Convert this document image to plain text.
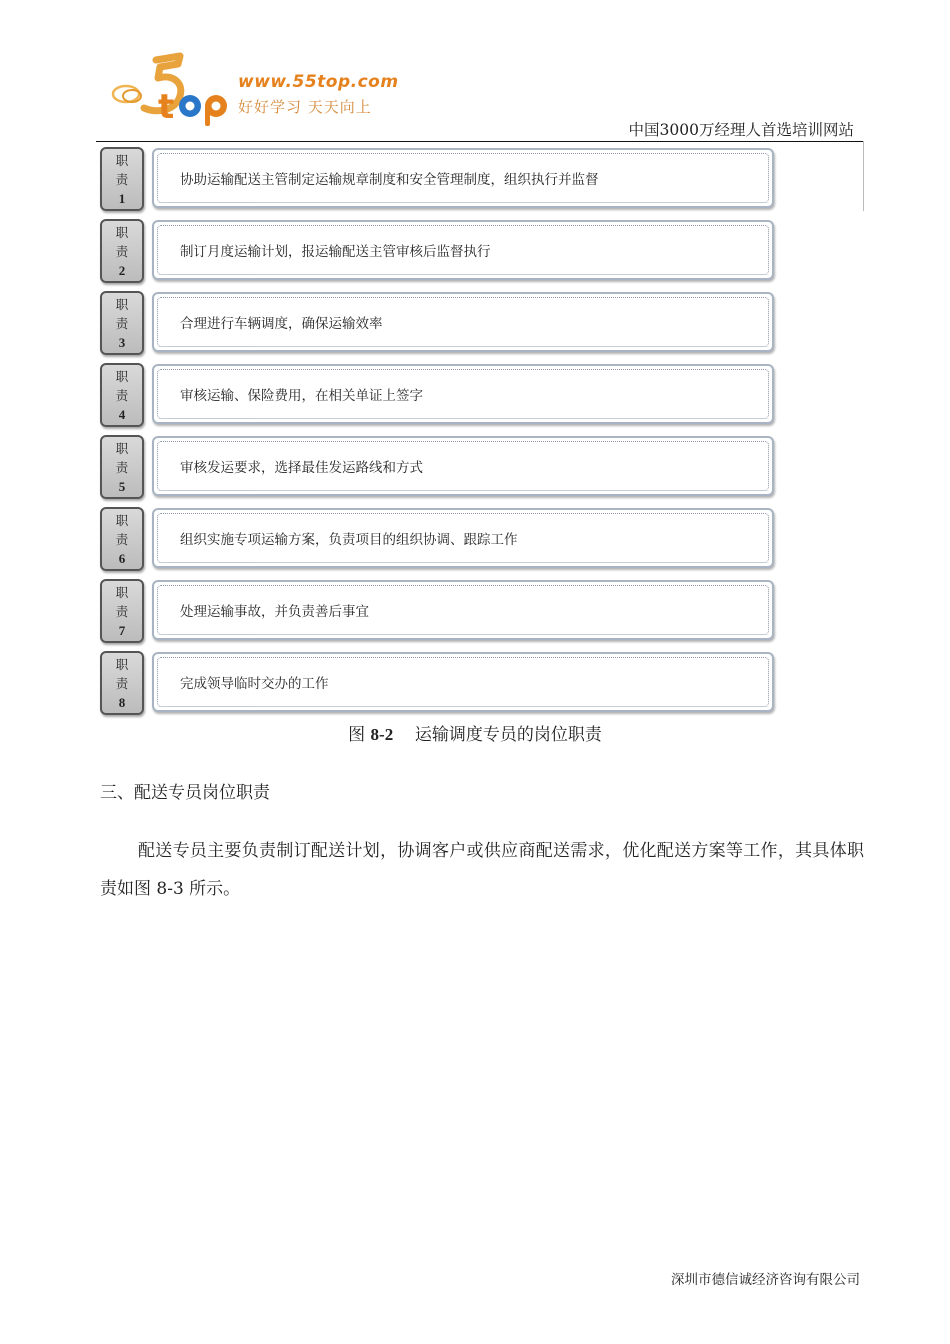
t
www.55top.com
好好学习 天天向上
中国3000万经理人首选培训网站
职
责
1
协助运输配送主管制定运输规章制度和安全管理制度，组织执行并监督
职
责
2
制订月度运输计划，报运输配送主管审核后监督执行
职
责
3
合理进行车辆调度，确保运输效率
职
责
4
审核运输、保险费用，在相关单证上签字
职
责
5
审核发运要求，选择最佳发运路线和方式
职
责
6
组织实施专项运输方案，负责项目的组织协调、跟踪工作
职
责
7
处理运输事故，并负责善后事宜
职
责
8
完成领导临时交办的工作
图 8-2 运输调度专员的岗位职责
三、配送专员岗位职责
配送专员主要负责制订配送计划，协调客户或供应商配送需求，优化配送方案等工作，其具体职责如图 8-3 所示。
深圳市德信诚经济咨询有限公司
